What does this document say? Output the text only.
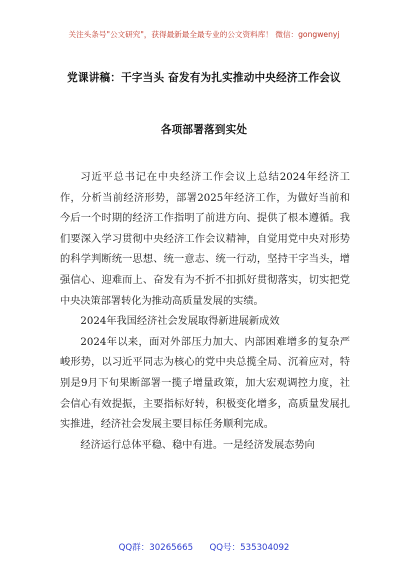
关注头条号"公文研究"，获得最新最全最专业的公文资料库！ 微信：gongwenyj
党课讲稿：干字当头 奋发有为扎实推动中央经济工作会议
各项部署落到实处

习近平总书记在中央经济工作会议上总结2024年经济工作，分析当前经济形势，部署2025年经济工作，为做好当前和今后一个时期的经济工作指明了前进方向、提供了根本遵循。我们要深入学习贯彻中央经济工作会议精神，自觉用党中央对形势的科学判断统一思想、统一意志、统一行动，坚持干字当头，增强信心、迎难而上、奋发有为不折不扣抓好贯彻落实，切实把党中央决策部署转化为推动高质量发展的实绩。

2024年我国经济社会发展取得新进展新成效

2024年以来，面对外部压力加大、内部困难增多的复杂严峻形势，以习近平同志为核心的党中央总揽全局、沉着应对，特别是9月下旬果断部署一揽子增量政策，加大宏观调控力度，社会信心有效提振，主要指标好转，积极变化增多，高质量发展扎实推进，经济社会发展主要目标任务顺利完成。

经济运行总体平稳、稳中有进。一是经济发展态势向

QQ群：30265665 QQ号：535304092
